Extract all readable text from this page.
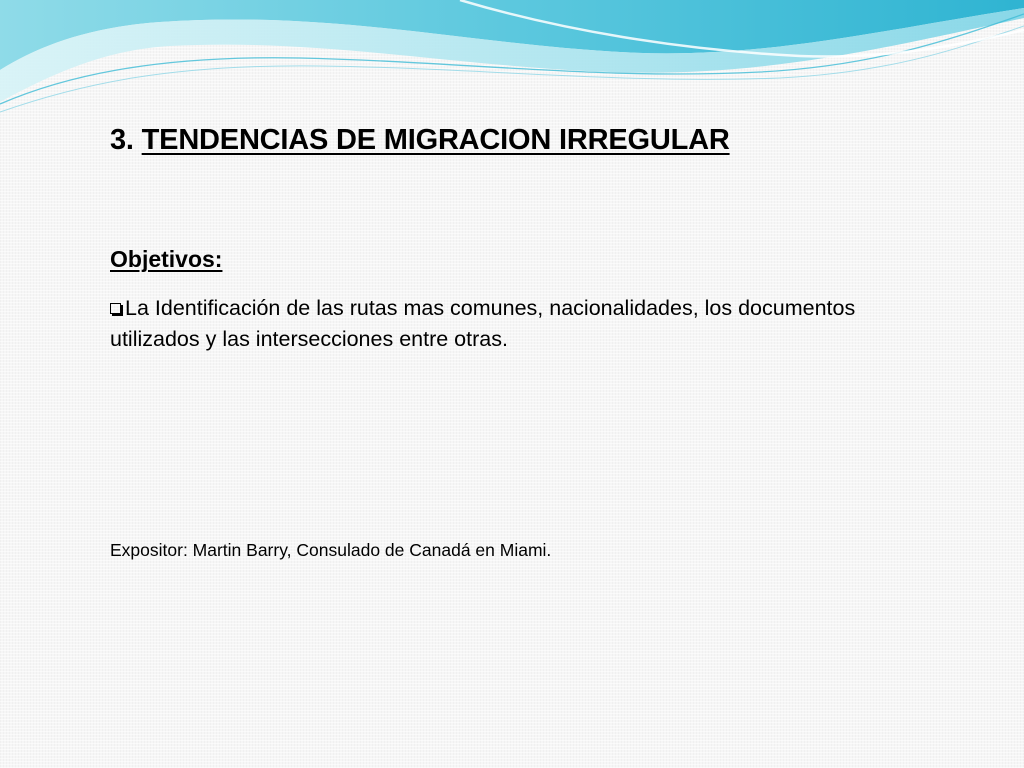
3. TENDENCIAS DE MIGRACION IRREGULAR
Objetivos:
La Identificación de las rutas mas comunes, nacionalidades, los documentos utilizados y las intersecciones entre otras.
Expositor: Martin Barry, Consulado de Canadá en Miami.
